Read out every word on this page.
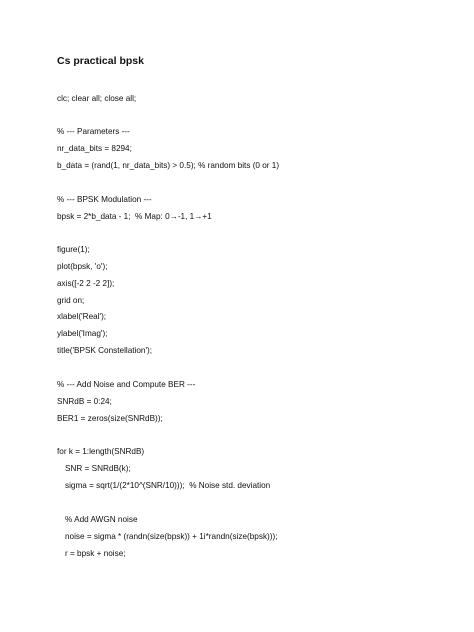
Cs practical bpsk
clc; clear all; close all;
% --- Parameters ---
nr_data_bits = 8294;
b_data = (rand(1, nr_data_bits) > 0.5); % random bits (0 or 1)
% --- BPSK Modulation ---
bpsk = 2*b_data - 1;  % Map: 0→-1, 1→+1
figure(1);
plot(bpsk, 'o');
axis([-2 2 -2 2]);
grid on;
xlabel('Real');
ylabel('Imag');
title('BPSK Constellation');
% --- Add Noise and Compute BER ---
SNRdB = 0:24;
BER1 = zeros(size(SNRdB));
for k = 1:length(SNRdB)
SNR = SNRdB(k);
sigma = sqrt(1/(2*10^(SNR/10)));  % Noise std. deviation
% Add AWGN noise
noise = sigma * (randn(size(bpsk)) + 1i*randn(size(bpsk)));
r = bpsk + noise;
